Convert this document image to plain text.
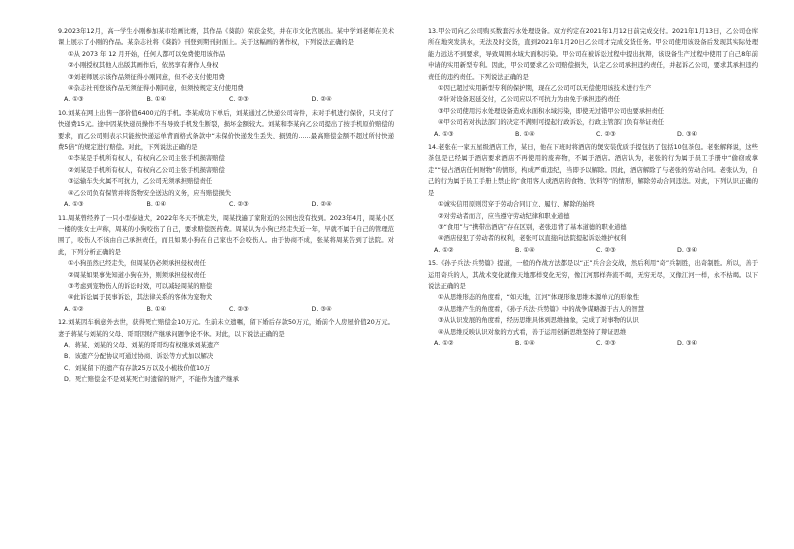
9.2023年12月，高一学生小刚参加某市绘画比赛，其作品《葵韵》荣获金奖，并在市文化宫展出。某中学刘老师在美术课上展示了小刚的作品。某杂志社将《葵韵》刊登到期刊封面上。关于这幅画的著作权，下列说法正确的是
①从 2073 年 12 月开始，任何人都可以免费使用该作品
②小刚授权其他人出版其画作后，依然享有著作人身权
③刘老师展示该作品须征得小刚同意，但不必支付使用费
④杂志社刊登该作品无须征得小刚同意，但须按规定支付使用费
A. ①③	B. ①④	C. ②③	D. ②④
10.刘某在网上出售一部价值6400元的手机。李某成功下单后，刘某通过乙快递公司寄件，未对手机进行保价，只支付了快递费15元。途中因某快递员操作不当导致手机发生断裂，损坏金额较大。刘某和李某向乙公司提出了按手机原价赔偿的要求，而乙公司则表示只能按快递运单背面格式条款中“未保价快递发生丢失、损毁的……最高赔偿金额不超过所付快递费5倍”的规定进行赔偿。对此，下列说法正确的是
①李某是手机所有权人，有权向乙公司主张手机损害赔偿
②刘某是手机所有权人，有权向乙公司主张手机损害赔偿
③运输车失火属不可抗力，乙公司无须承担赔偿责任
④乙公司负有保管并将货物安全送达的义务，应当赔偿损失
A. ①③	B. ①④	C. ②③	D. ②④
11.周某曾经养了一只小型泰迪犬，2022年冬天不慎走失，周某找遍了家附近的公园也没有找到。2023年4月，周某小区一楼的张女士声称，周某的小狗咬伤了自己，要求赔偿医药费。周某认为小狗已经走失近一年，早就不属于自己的管理范围了，咬伤人不该由自己承担责任，而且如果小狗在自己家也不会咬伤人。由于协商不成，张某将周某告到了法院。对此，下列分析正确的是
①小狗虽然已经走失，但周某仍必须承担侵权责任
②周某如果事先知道小狗在外，则须承担侵权责任
③考虑到宠物伤人的诉讼时效，可以减轻周某的赔偿
④此诉讼属于民事诉讼，其法律关系的客体为宠物犬
A. ①②	B. ①④	C. ②③	D. ③④
12.刘某因车祸意外去世，获得死亡赔偿金10万元。生前未立遗嘱，留下婚后存款50万元，婚前个人房屋价值20万元。妻子蒋某与刘某的父母、哥哥因财产继承问题争论不休。对此，以下说法正确的是
A．蒋某、刘某的父母、刘某的哥哥均有权继承刘某遗产
B．该遗产分配协议可通过协商、诉讼等方式加以解决
C．刘某留下的遗产有存款25万以及小梳妆价值10万
D．死亡赔偿金不是刘某死亡时遗留的财产，不能作为遗产继承
13.甲公司向乙公司购买数套污水处理设备。双方约定在2021年1月12日前完成交付。2021年1月13日，乙公司仓库所在地突发洪水，无法及时交货，直到2021年1月20日乙公司才完成交货任务。甲公司使用该设备后发现其实际处理能力远达不到要求，导致周围水域大面积污染。甲公司在被诉讼过程中提出抗辩，该设备生产过程中使用了自己8年前申请的实用新型专利。因此，甲公司要求乙公司赔偿损失，认定乙公司承担违约责任，并起诉乙公司，要求其承担违约责任的违约责任。下列说法正确的是
①因已超过实用新型专利的保护期，现在乙公司可以无偿使用该技术进行生产
②针对设备迟延交付，乙公司应以不可抗力为由免于承担违约责任
③甲公司使用污水处理设备造成水面积水域污染，即使无过错甲公司也要承担责任
④甲公司若对执法部门的决定不满则可提起行政诉讼，行政主管部门负有举证责任
A. ①③	B. ①④	C. ②③	D. ③④
14.老张在一家五星级酒店工作，某日，他在下班时将酒店的煲安装优质手提包扔了包括10包茶包。老张解释说，这些茶包是已经属于酒店要求酒店不再使用的废弃物，不属于酒店。酒店认为，老张的行为属于员工手册中“偷窃或拿走”“侵占酒店任何财物”的情形，构成严重违纪，当即予以解除。因此，酒店解除了与老张的劳动合同。老张认为，自己的行为属于员工手册上禁止的“食用客人或酒店的食物、饮料等”的情形，解除劳动合同违法。对此，下列认识正确的是
①诚实信用原则贯穿于劳动合同订立、履行、解除的始终
②对劳动者而言，应当遵守劳动纪律和职业道德
③“食用”与“携带出酒店”存在区别，老张违背了基本道德的职业道德
④酒店侵犯了劳动者的权利，老张可以直接向法院提起诉讼维护权利
A. ①②	B. ①④	C. ②③	D. ③④
15.《孙子兵法·兵势篇》提道，一般的作战方法都是以“正”兵合会交战，然后利用“奇”兵制胜，出奇制胜。所以，善于运用奇兵的人，其战术变化就像天地那样变化无穷，像江河那样奔流不竭，无穷无尽，又像江河一样，永不枯竭。以下说法正确的是
①从思维形态的角度看，“如天地，江河”体现形象思维本源单元的形象性
②从思维产生的角度看，《孙子兵法·兵势篇》中的战争谋略源于古人的智慧
③从认识发展的角度看，经历思维具体到思维抽象，完成了对事物的认识
④从思维反映认识对象的方式看，善于运用创新思维坚持了辩证思维
A. ①②	B. ①④	C. ②③	D. ③④
